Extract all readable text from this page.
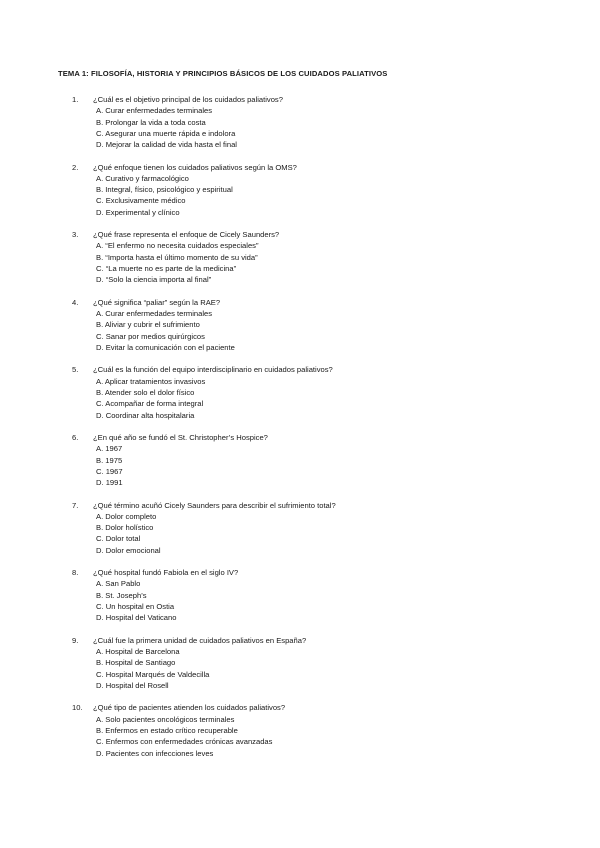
TEMA 1: FILOSOFÍA, HISTORIA Y PRINCIPIOS BÁSICOS DE LOS CUIDADOS PALIATIVOS
1. ¿Cuál es el objetivo principal de los cuidados paliativos?
A. Curar enfermedades terminales
B. Prolongar la vida a toda costa
C. Asegurar una muerte rápida e indolora
D. Mejorar la calidad de vida hasta el final
2. ¿Qué enfoque tienen los cuidados paliativos según la OMS?
A. Curativo y farmacológico
B. Integral, físico, psicológico y espiritual
C. Exclusivamente médico
D. Experimental y clínico
3. ¿Qué frase representa el enfoque de Cicely Saunders?
A. “El enfermo no necesita cuidados especiales”
B. “Importa hasta el último momento de su vida”
C. “La muerte no es parte de la medicina”
D. “Solo la ciencia importa al final”
4. ¿Qué significa “paliar” según la RAE?
A. Curar enfermedades terminales
B. Aliviar y cubrir el sufrimiento
C. Sanar por medios quirúrgicos
D. Evitar la comunicación con el paciente
5. ¿Cuál es la función del equipo interdisciplinario en cuidados paliativos?
A. Aplicar tratamientos invasivos
B. Atender solo el dolor físico
C. Acompañar de forma integral
D. Coordinar alta hospitalaria
6. ¿En qué año se fundó el St. Christopher’s Hospice?
A. 1967
B. 1975
C. 1967
D. 1991
7. ¿Qué término acuñó Cicely Saunders para describir el sufrimiento total?
A. Dolor completo
B. Dolor holístico
C. Dolor total
D. Dolor emocional
8. ¿Qué hospital fundó Fabiola en el siglo IV?
A. San Pablo
B. St. Joseph’s
C. Un hospital en Ostia
D. Hospital del Vaticano
9. ¿Cuál fue la primera unidad de cuidados paliativos en España?
A. Hospital de Barcelona
B. Hospital de Santiago
C. Hospital Marqués de Valdecilla
D. Hospital del Rosell
10. ¿Qué tipo de pacientes atienden los cuidados paliativos?
A. Solo pacientes oncológicos terminales
B. Enfermos en estado crítico recuperable
C. Enfermos con enfermedades crónicas avanzadas
D. Pacientes con infecciones leves
